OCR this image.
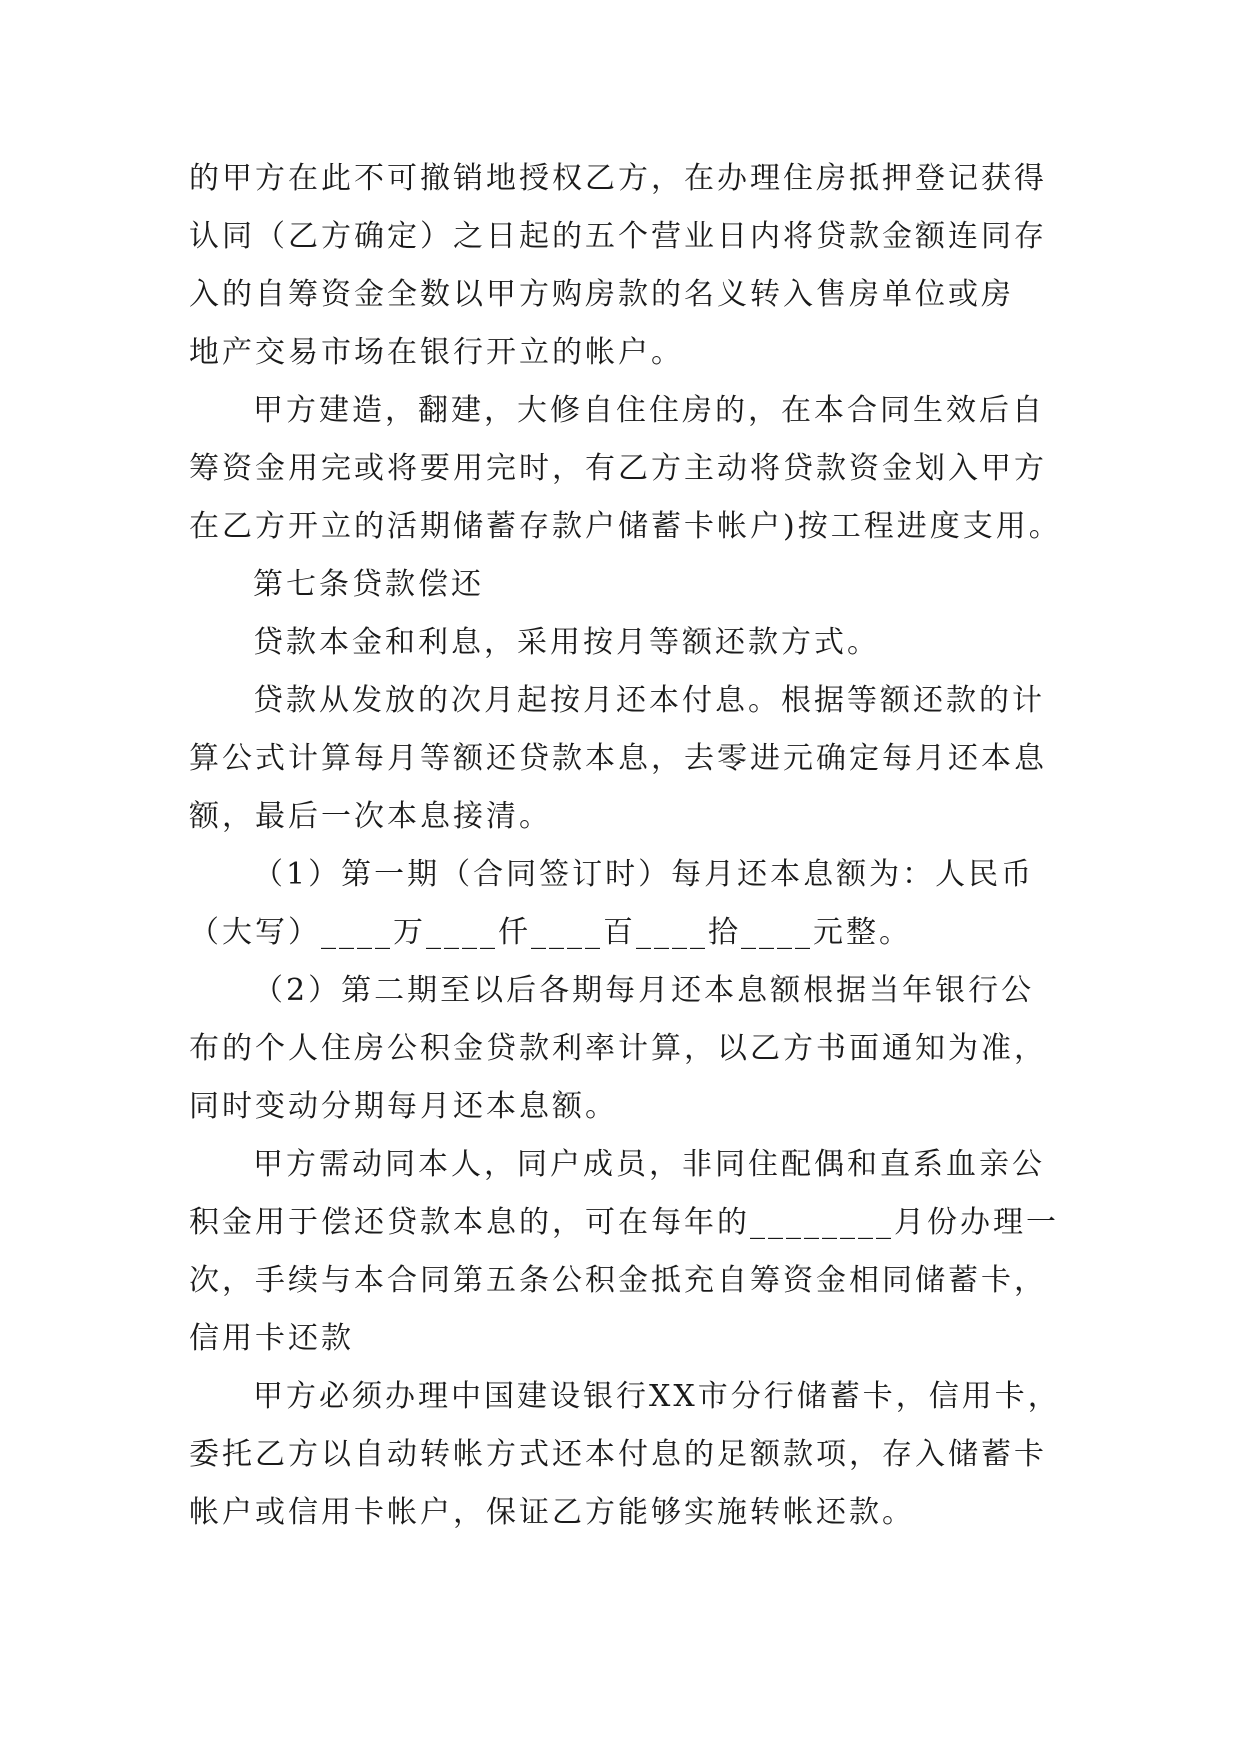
的甲方在此不可撤销地授权乙方，在办理住房抵押登记获得
认同（乙方确定）之日起的五个营业日内将贷款金额连同存
入的自筹资金全数以甲方购房款的名义转入售房单位或房
地产交易市场在银行开立的帐户。
甲方建造，翻建，大修自住住房的，在本合同生效后自
筹资金用完或将要用完时，有乙方主动将贷款资金划入甲方
在乙方开立的活期储蓄存款户储蓄卡帐户)按工程进度支用。
第七条贷款偿还
贷款本金和利息，采用按月等额还款方式。
贷款从发放的次月起按月还本付息。根据等额还款的计
算公式计算每月等额还贷款本息，去零进元确定每月还本息
额，最后一次本息接清。
（1）第一期（合同签订时）每月还本息额为：人民币
（大写）____万____仟____百____拾____元整。
（2）第二期至以后各期每月还本息额根据当年银行公
布的个人住房公积金贷款利率计算，以乙方书面通知为准，
同时变动分期每月还本息额。
甲方需动同本人，同户成员，非同住配偶和直系血亲公
积金用于偿还贷款本息的，可在每年的________月份办理一
次，手续与本合同第五条公积金抵充自筹资金相同储蓄卡，
信用卡还款
甲方必须办理中国建设银行XX市分行储蓄卡，信用卡，
委托乙方以自动转帐方式还本付息的足额款项，存入储蓄卡
帐户或信用卡帐户，保证乙方能够实施转帐还款。
